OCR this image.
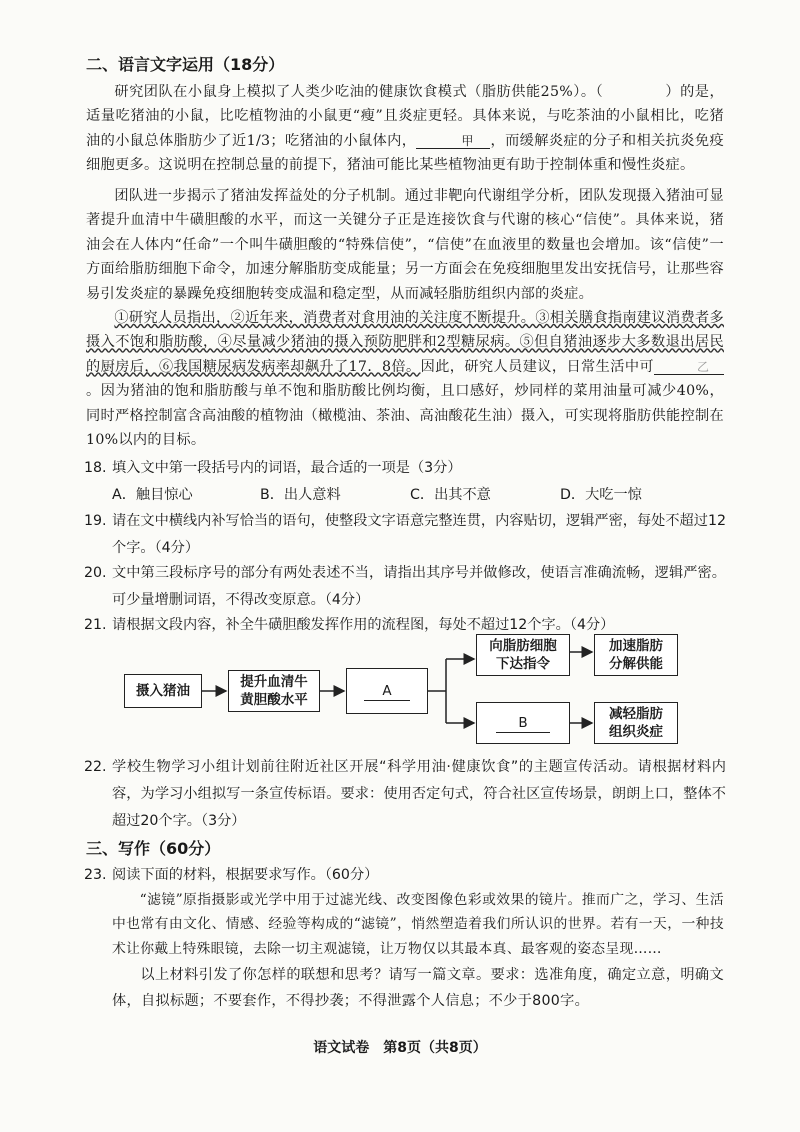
二、语言文字运用（18分）
研究团队在小鼠身上模拟了人类少吃油的健康饮食模式（脂肪供能25%）。（	）的是，适量吃猪油的小鼠，比吃植物油的小鼠更“瘦”且炎症更轻。具体来说，与吃茶油的小鼠相比，吃猪油的小鼠总体脂肪少了近1/3；吃猪油的小鼠体内，	甲 ，而缓解炎症的分子和相关抗炎免疫细胞更多。这说明在控制总量的前提下，猪油可能比某些植物油更有助于控制体重和慢性炎症。
团队进一步揭示了猪油发挥益处的分子机制。通过非靶向代谢组学分析，团队发现摄入猪油可显著提升血清中牛磺胆酸的水平，而这一关键分子正是连接饮食与代谢的核心“信使”。具体来说，猪油会在人体内“任命”一个叫牛磺胆酸的“特殊信使”，“信使”在血液里的数量也会增加。该“信使”一方面给脂肪细胞下命令，加速分解脂肪变成能量；另一方面会在免疫细胞里发出安抚信号，让那些容易引发炎症的暴躁免疫细胞转变成温和稳定型，从而减轻脂肪组织内部的炎症。
①研究人员指出，②近年来，消费者对食用油的关注度不断提升。③相关膳食指南建议消费者多摄入不饱和脂肪酸，④尽量减少猪油的摄入预防肥胖和2型糖尿病。⑤但自猪油逐步大多数退出居民的厨房后，⑥我国糖尿病发病率却飙升了17．8倍。因此，研究人员建议，日常生活中可	乙。因为猪油的饱和脂肪酸与单不饱和脂肪酸比例均衡，且口感好，炒同样的菜用油量可减少40%，同时严格控制富含高油酸的植物油（橄榄油、茶油、高油酸花生油）摄入，可实现将脂肪供能控制在10%以内的目标。
18. 填入文中第一段括号内的词语，最合适的一项是（3分）
A．触目惊心	B．出人意料	C．出其不意	D．大吃一惊
19. 请在文中横线内补写恰当的语句，使整段文字语意完整连贯，内容贴切，逻辑严密，每处不超过12个字。（4分）
20. 文中第三段标序号的部分有两处表述不当，请指出其序号并做修改，使语言准确流畅，逻辑严密。可少量增删词语，不得改变原意。（4分）
21. 请根据文段内容，补全牛磺胆酸发挥作用的流程图，每处不超过12个字。（4分）
摄入猪油
提升血清牛
黄胆酸水平
A
向脂肪细胞
下达指令
加速脂肪
分解供能
B
减轻脂肪
组织炎症
22. 学校生物学习小组计划前往附近社区开展“科学用油·健康饮食”的主题宣传活动。请根据材料内容，为学习小组拟写一条宣传标语。要求：使用否定句式，符合社区宣传场景，朗朗上口，整体不超过20个字。（3分）
三、写作（60分）
23. 阅读下面的材料，根据要求写作。（60分）
“滤镜”原指摄影或光学中用于过滤光线、改变图像色彩或效果的镜片。推而广之，学习、生活中也常有由文化、情感、经验等构成的“滤镜”，悄然塑造着我们所认识的世界。若有一天，一种技术让你戴上特殊眼镜，去除一切主观滤镜，让万物仅以其最本真、最客观的姿态呈现……
以上材料引发了你怎样的联想和思考？请写一篇文章。要求：选准角度，确定立意，明确文体，自拟标题；不要套作，不得抄袭；不得泄露个人信息；不少于800字。
语文试卷　第8页（共8页）
